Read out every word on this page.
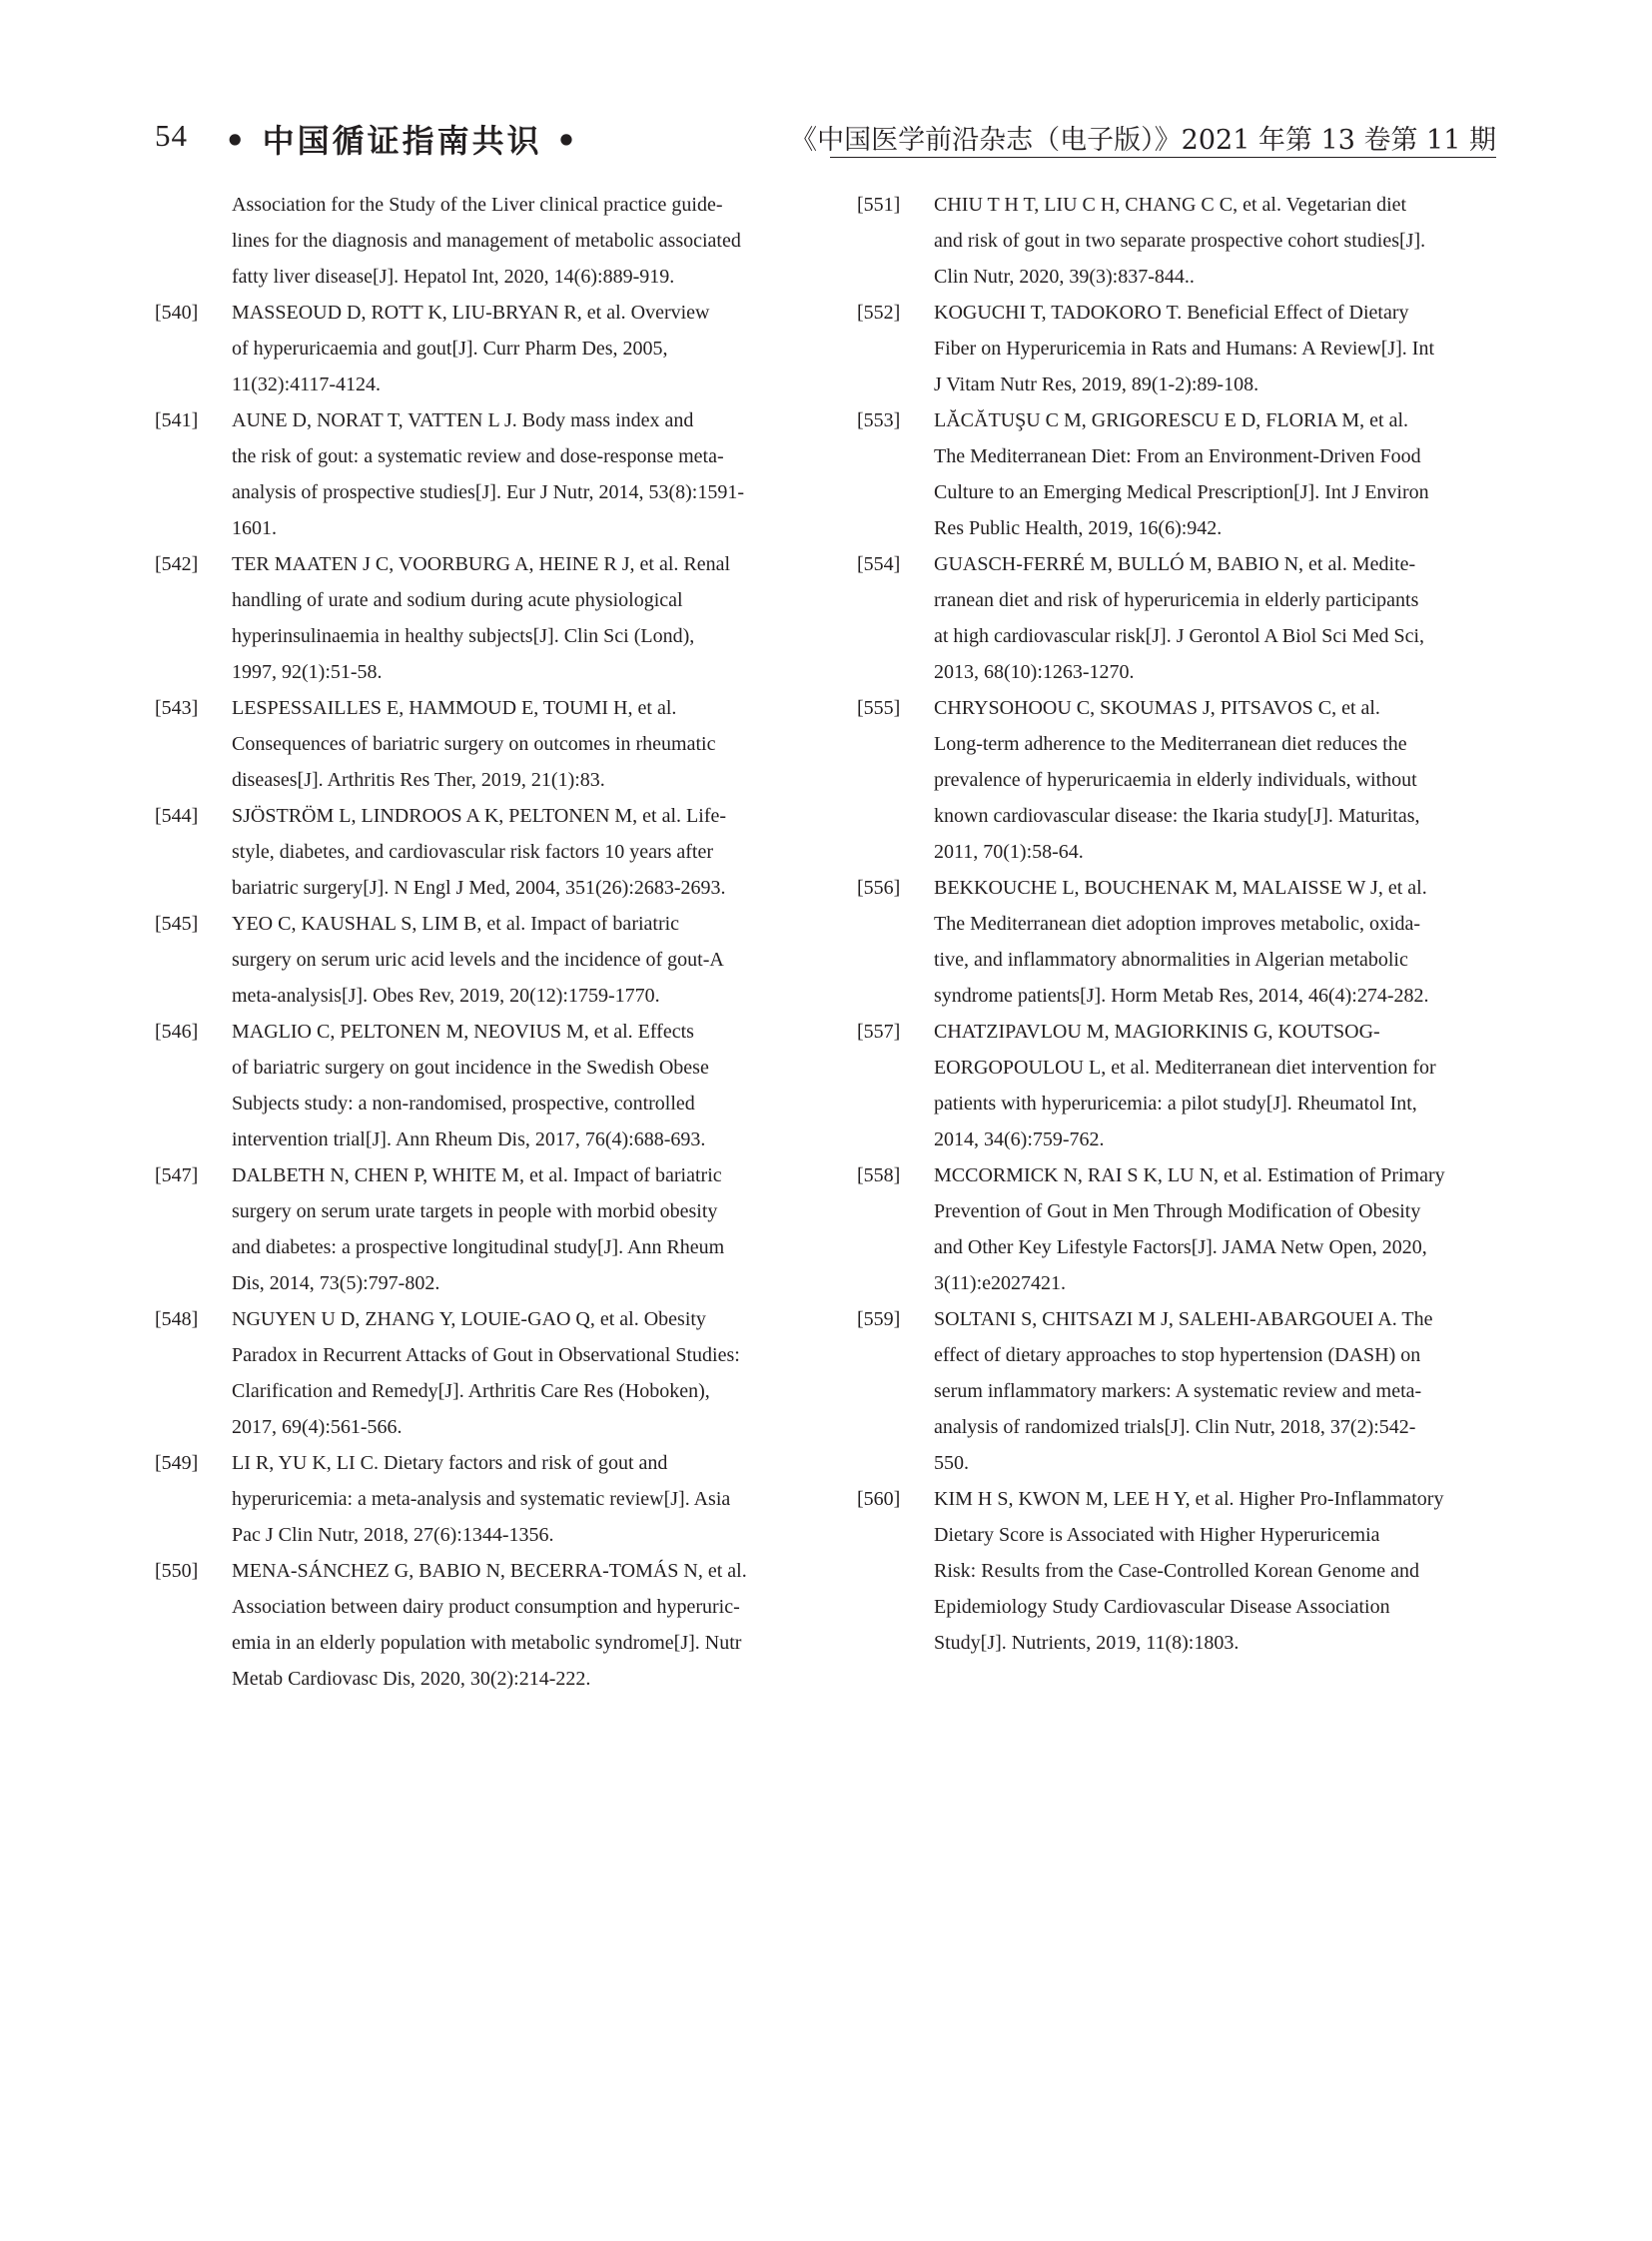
54 • 中国循证指南共识 •	《中国医学前沿杂志（电子版）》2021 年第 13 卷第 11 期
Association for the Study of the Liver clinical practice guide-
lines for the diagnosis and management of metabolic associated
fatty liver disease[J]. Hepatol Int, 2020, 14(6):889-919.
[540] MASSEOUD D, ROTT K, LIU-BRYAN R, et al. Overview
of hyperuricaemia and gout[J]. Curr Pharm Des, 2005,
11(32):4117-4124.
[541] AUNE D, NORAT T, VATTEN L J. Body mass index and
the risk of gout: a systematic review and dose-response meta-
analysis of prospective studies[J]. Eur J Nutr, 2014, 53(8):1591-
1601.
[542] TER MAATEN J C, VOORBURG A, HEINE R J, et al. Renal
handling of urate and sodium during acute physiological
hyperinsulinaemia in healthy subjects[J]. Clin Sci (Lond),
1997, 92(1):51-58.
[543] LESPESSAILLES E, HAMMOUD E, TOUMI H, et al.
Consequences of bariatric surgery on outcomes in rheumatic
diseases[J]. Arthritis Res Ther, 2019, 21(1):83.
[544] SJÖSTRÖM L, LINDROOS A K, PELTONEN M, et al. Life-
style, diabetes, and cardiovascular risk factors 10 years after
bariatric surgery[J]. N Engl J Med, 2004, 351(26):2683-2693.
[545] YEO C, KAUSHAL S, LIM B, et al. Impact of bariatric
surgery on serum uric acid levels and the incidence of gout-A
meta-analysis[J]. Obes Rev, 2019, 20(12):1759-1770.
[546] MAGLIO C, PELTONEN M, NEOVIUS M, et al. Effects
of bariatric surgery on gout incidence in the Swedish Obese
Subjects study: a non-randomised, prospective, controlled
intervention trial[J]. Ann Rheum Dis, 2017, 76(4):688-693.
[547] DALBETH N, CHEN P, WHITE M, et al. Impact of bariatric
surgery on serum urate targets in people with morbid obesity
and diabetes: a prospective longitudinal study[J]. Ann Rheum
Dis, 2014, 73(5):797-802.
[548] NGUYEN U D, ZHANG Y, LOUIE-GAO Q, et al. Obesity
Paradox in Recurrent Attacks of Gout in Observational Studies:
Clarification and Remedy[J]. Arthritis Care Res (Hoboken),
2017, 69(4):561-566.
[549] LI R, YU K, LI C. Dietary factors and risk of gout and
hyperuricemia: a meta-analysis and systematic review[J]. Asia
Pac J Clin Nutr, 2018, 27(6):1344-1356.
[550] MENA-SÁNCHEZ G, BABIO N, BECERRA-TOMÁS N, et al.
Association between dairy product consumption and hyperuric-
emia in an elderly population with metabolic syndrome[J]. Nutr
Metab Cardiovasc Dis, 2020, 30(2):214-222.
[551] CHIU T H T, LIU C H, CHANG C C, et al. Vegetarian diet
and risk of gout in two separate prospective cohort studies[J].
Clin Nutr, 2020, 39(3):837-844..
[552] KOGUCHI T, TADOKORO T. Beneficial Effect of Dietary
Fiber on Hyperuricemia in Rats and Humans: A Review[J]. Int
J Vitam Nutr Res, 2019, 89(1-2):89-108.
[553] LĂCĂTUŞU C M, GRIGORESCU E D, FLORIA M, et al.
The Mediterranean Diet: From an Environment-Driven Food
Culture to an Emerging Medical Prescription[J]. Int J Environ
Res Public Health, 2019, 16(6):942.
[554] GUASCH-FERRÉ M, BULLÓ M, BABIO N, et al. Medite-
rranean diet and risk of hyperuricemia in elderly participants
at high cardiovascular risk[J]. J Gerontol A Biol Sci Med Sci,
2013, 68(10):1263-1270.
[555] CHRYSOHOOU C, SKOUMAS J, PITSAVOS C, et al.
Long-term adherence to the Mediterranean diet reduces the
prevalence of hyperuricaemia in elderly individuals, without
known cardiovascular disease: the Ikaria study[J]. Maturitas,
2011, 70(1):58-64.
[556] BEKKOUCHE L, BOUCHENAK M, MALAISSE W J, et al.
The Mediterranean diet adoption improves metabolic, oxida-
tive, and inflammatory abnormalities in Algerian metabolic
syndrome patients[J]. Horm Metab Res, 2014, 46(4):274-282.
[557] CHATZIPAVLOU M, MAGIORKINIS G, KOUTSOG-
EORGOPOULOU L, et al. Mediterranean diet intervention for
patients with hyperuricemia: a pilot study[J]. Rheumatol Int,
2014, 34(6):759-762.
[558] MCCORMICK N, RAI S K, LU N, et al. Estimation of Primary
Prevention of Gout in Men Through Modification of Obesity
and Other Key Lifestyle Factors[J]. JAMA Netw Open, 2020,
3(11):e2027421.
[559] SOLTANI S, CHITSAZI M J, SALEHI-ABARGOUEI A. The
effect of dietary approaches to stop hypertension (DASH) on
serum inflammatory markers: A systematic review and meta-
analysis of randomized trials[J]. Clin Nutr, 2018, 37(2):542-
550.
[560] KIM H S, KWON M, LEE H Y, et al. Higher Pro-Inflammatory
Dietary Score is Associated with Higher Hyperuricemia
Risk: Results from the Case-Controlled Korean Genome and
Epidemiology Study Cardiovascular Disease Association
Study[J]. Nutrients, 2019, 11(8):1803.
